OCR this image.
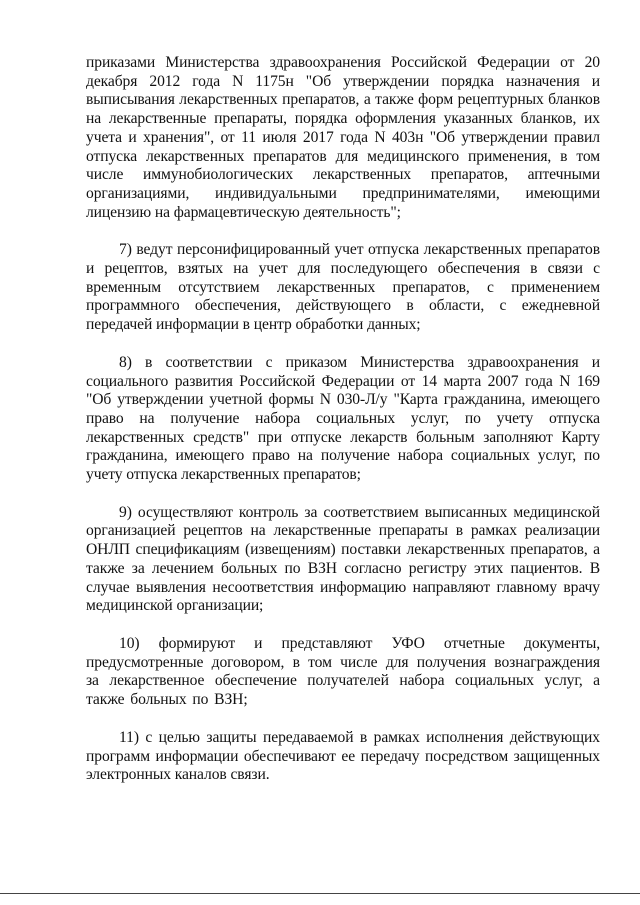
приказами Министерства здравоохранения Российской Федерации от 20 декабря 2012 года N 1175н "Об утверждении порядка назначения и выписывания лекарственных препаратов, а также форм рецептурных бланков на лекарственные препараты, порядка оформления указанных бланков, их учета и хранения", от 11 июля 2017 года N 403н "Об утверждении правил отпуска лекарственных препаратов для медицинского применения, в том числе иммунобиологических лекарственных препаратов, аптечными организациями, индивидуальными предпринимателями, имеющими лицензию на фармацевтическую деятельность";

7) ведут персонифицированный учет отпуска лекарственных препаратов и рецептов, взятых на учет для последующего обеспечения в связи с временным отсутствием лекарственных препаратов, с применением программного обеспечения, действующего в области, с ежедневной передачей информации в центр обработки данных;

8) в соответствии с приказом Министерства здравоохранения и социального развития Российской Федерации от 14 марта 2007 года N 169 "Об утверждении учетной формы N 030-Л/у "Карта гражданина, имеющего право на получение набора социальных услуг, по учету отпуска лекарственных средств" при отпуске лекарств больным заполняют Карту гражданина, имеющего право на получение набора социальных услуг, по учету отпуска лекарственных препаратов;

9) осуществляют контроль за соответствием выписанных медицинской организацией рецептов на лекарственные препараты в рамках реализации ОНЛП спецификациям (извещениям) поставки лекарственных препаратов, а также за лечением больных по ВЗН согласно регистру этих пациентов. В случае выявления несоответствия информацию направляют главному врачу медицинской организации;

10) формируют и представляют УФО отчетные документы, предусмотренные договором, в том числе для получения вознаграждения за лекарственное обеспечение получателей набора социальных услуг, а также больных по ВЗН;

11) с целью защиты передаваемой в рамках исполнения действующих программ информации обеспечивают ее передачу посредством защищенных электронных каналов связи.
